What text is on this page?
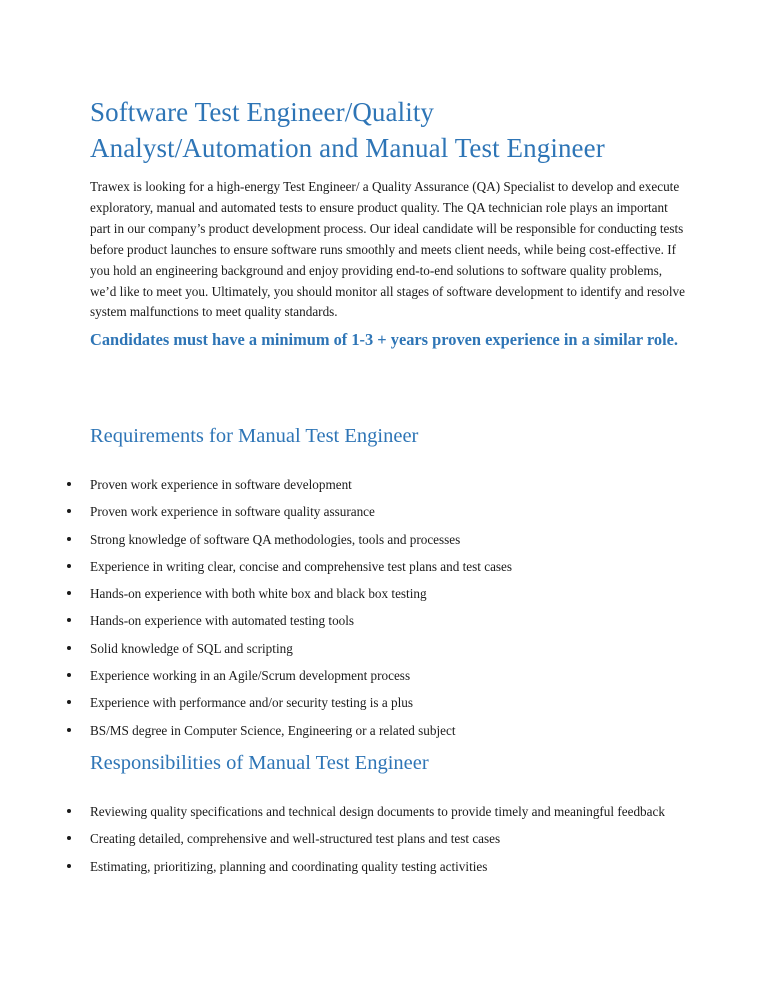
Software Test Engineer/Quality
Analyst/Automation and Manual Test Engineer

Trawex is looking for a high-energy Test Engineer/ a Quality Assurance (QA) Specialist to develop and execute exploratory, manual and automated tests to ensure product quality. The QA technician role plays an important part in our company’s product development process. Our ideal candidate will be responsible for conducting tests before product launches to ensure software runs smoothly and meets client needs, while being cost-effective. If you hold an engineering background and enjoy providing end-to-end solutions to software quality problems, we’d like to meet you. Ultimately, you should monitor all stages of software development to identify and resolve system malfunctions to meet quality standards.

Candidates must have a minimum of 1-3 + years proven experience in a similar role.

Requirements for Manual Test Engineer
Proven work experience in software development
Proven work experience in software quality assurance
Strong knowledge of software QA methodologies, tools and processes
Experience in writing clear, concise and comprehensive test plans and test cases
Hands-on experience with both white box and black box testing
Hands-on experience with automated testing tools
Solid knowledge of SQL and scripting
Experience working in an Agile/Scrum development process
Experience with performance and/or security testing is a plus
BS/MS degree in Computer Science, Engineering or a related subject
Responsibilities of Manual Test Engineer
Reviewing quality specifications and technical design documents to provide timely and meaningful feedback
Creating detailed, comprehensive and well-structured test plans and test cases
Estimating, prioritizing, planning and coordinating quality testing activities
